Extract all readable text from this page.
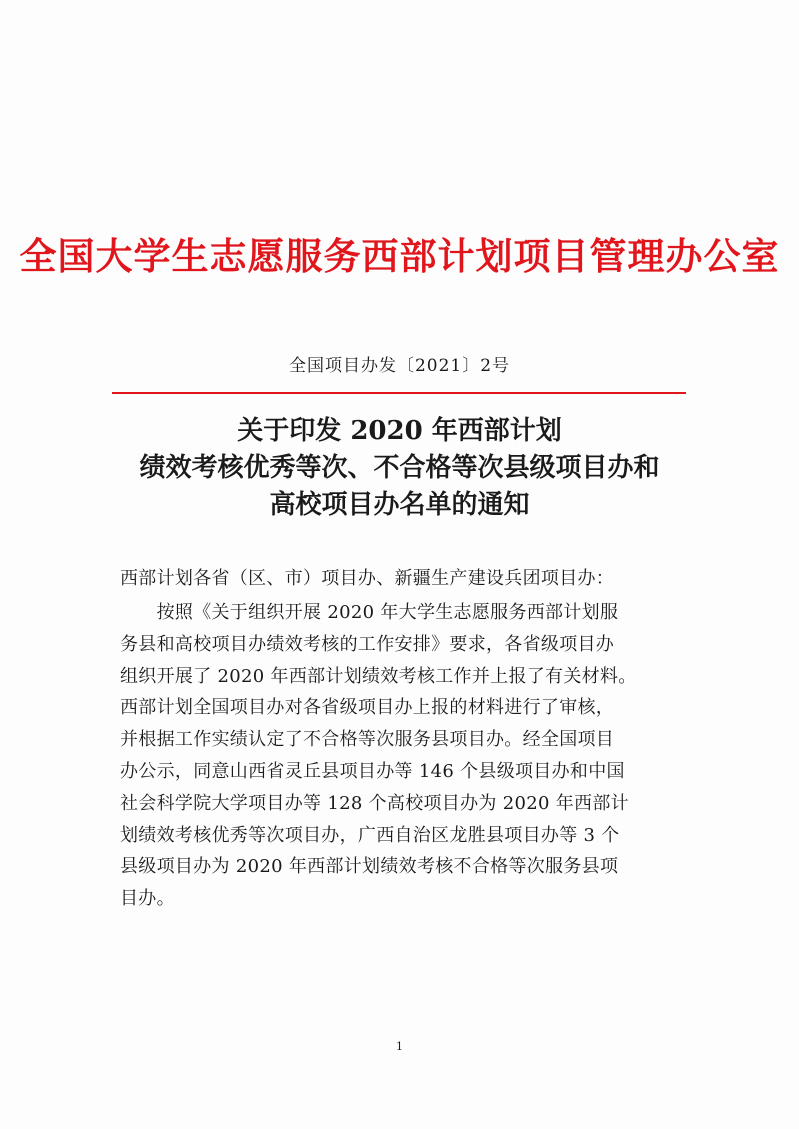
全国大学生志愿服务西部计划项目管理办公室
全国项目办发〔2021〕2号
关于印发 2020 年西部计划
绩效考核优秀等次、不合格等次县级项目办和
高校项目办名单的通知
西部计划各省（区、市）项目办、新疆生产建设兵团项目办：
　　按照《关于组织开展 2020 年大学生志愿服务西部计划服
务县和高校项目办绩效考核的工作安排》要求，各省级项目办
组织开展了 2020 年西部计划绩效考核工作并上报了有关材料。
西部计划全国项目办对各省级项目办上报的材料进行了审核，
并根据工作实绩认定了不合格等次服务县项目办。经全国项目
办公示，同意山西省灵丘县项目办等 146 个县级项目办和中国
社会科学院大学项目办等 128 个高校项目办为 2020 年西部计
划绩效考核优秀等次项目办，广西自治区龙胜县项目办等 3 个
县级项目办为 2020 年西部计划绩效考核不合格等次服务县项
目办。
1
